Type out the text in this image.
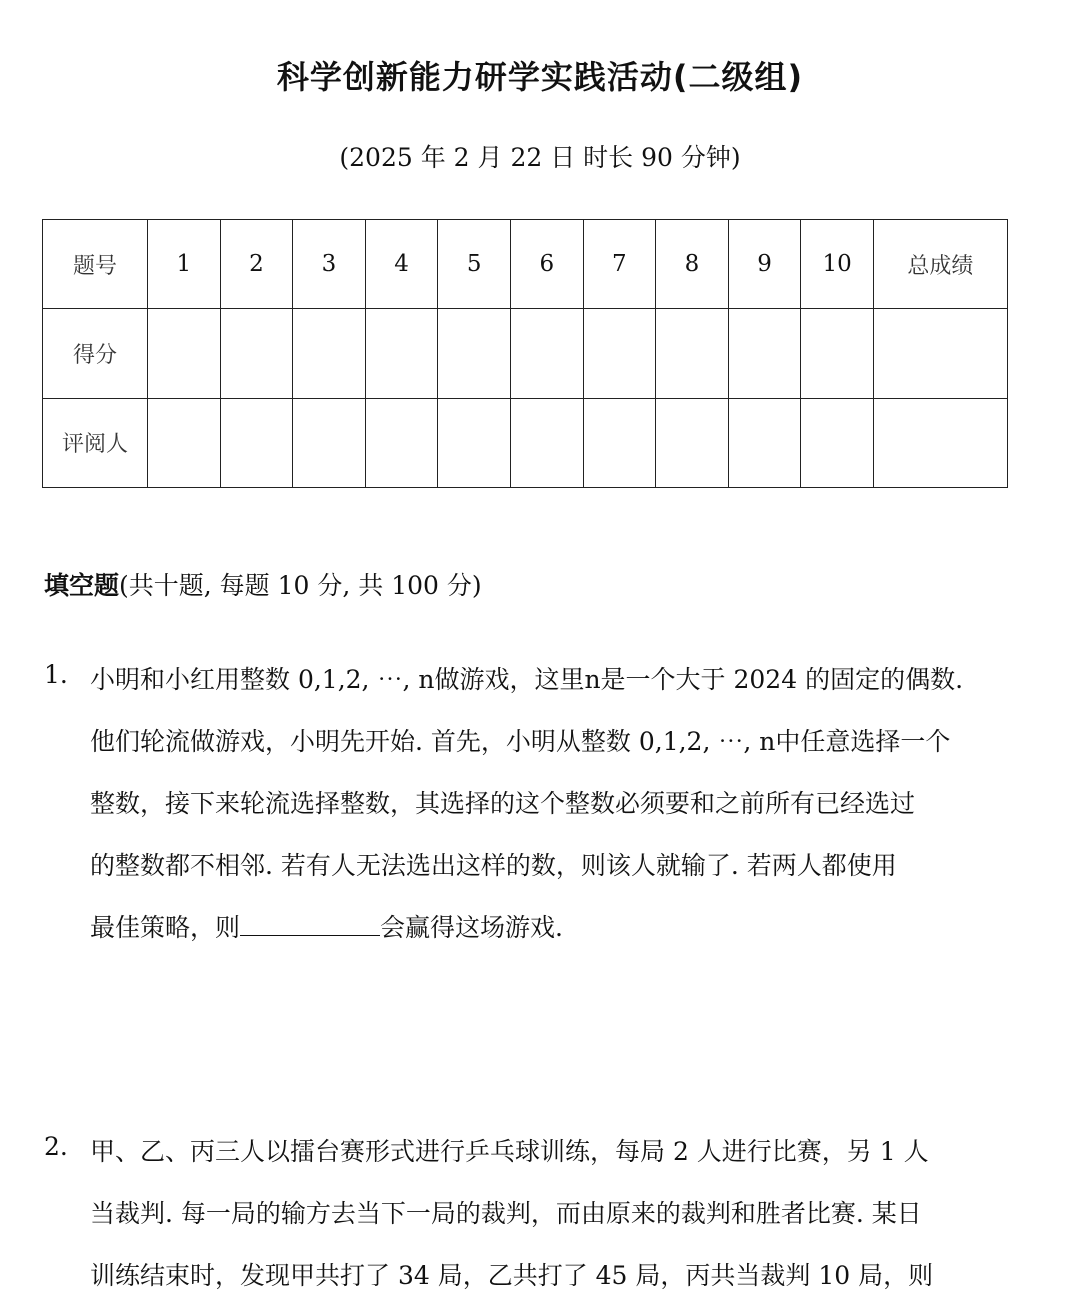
科学创新能力研学实践活动(二级组)
(2025 年 2 月 22 日 时长 90 分钟)
题号	1	2	3	4	5	6	7	8	9	10	总成绩
得分											
评阅人											
填空题(共十题, 每题 10 分, 共 100 分)
1. 小明和小红用整数 0,1,2, ⋯, n做游戏，这里n是一个大于 2024 的固定的偶数.
他们轮流做游戏，小明先开始. 首先，小明从整数 0,1,2, ⋯, n中任意选择一个
整数，接下来轮流选择整数，其选择的这个整数必须要和之前所有已经选过
的整数都不相邻. 若有人无法选出这样的数，则该人就输了. 若两人都使用
最佳策略，则	会赢得这场游戏.
2. 甲、乙、丙三人以擂台赛形式进行乒乓球训练，每局 2 人进行比赛，另 1 人
当裁判. 每一局的输方去当下一局的裁判，而由原来的裁判和胜者比赛. 某日
训练结束时，发现甲共打了 34 局，乙共打了 45 局，丙共当裁判 10 局，则
